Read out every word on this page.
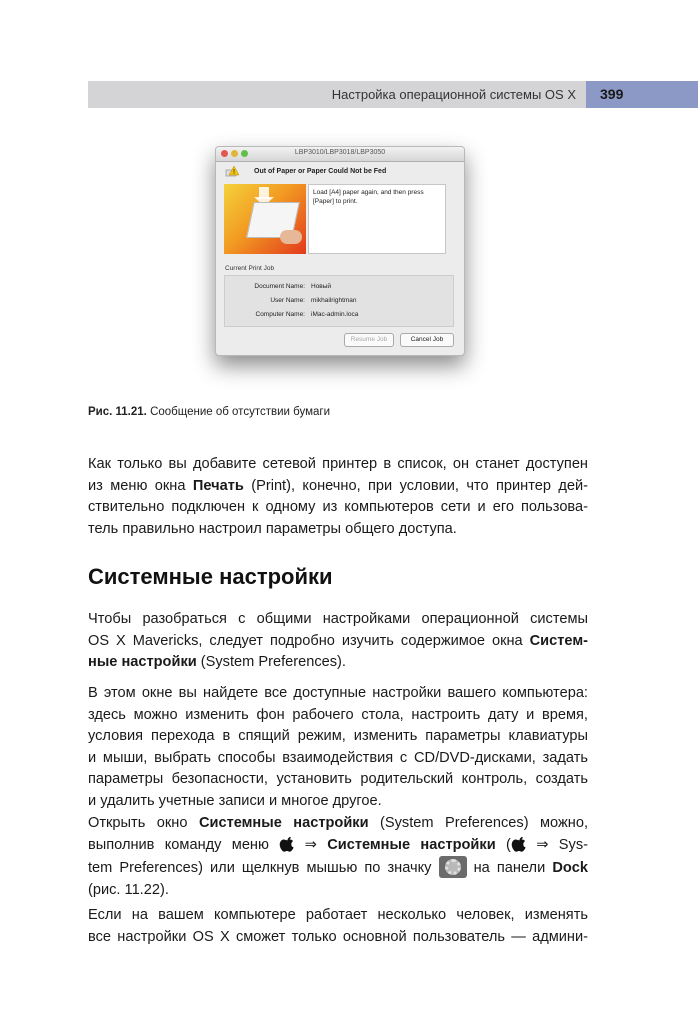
Настройка операционной системы OS X 399
LBP3010/LBP3018/LBP3050
Out of Paper or Paper Could Not be Fed
Load [A4] paper again, and then press
[Paper] to print.
Current Print Job
Document Name: Новый
User Name: mikhailrightman
Computer Name: iMac-admin.loca
Resume Job	Cancel Job
Рис. 11.21. Сообщение об отсутствии бумаги
Как только вы добавите сетевой принтер в список, он станет доступен
из меню окна Печать (Print), конечно, при условии, что принтер дей-
ствительно подключен к одному из компьютеров сети и его пользова-
тель правильно настроил параметры общего доступа.
Системные настройки
Чтобы разобраться с общими настройками операционной системы
OS X Mavericks, следует подробно изучить содержимое окна Систем-
ные настройки (System Preferences).
В этом окне вы найдете все доступные настройки вашего компьютера:
здесь можно изменить фон рабочего стола, настроить дату и время,
условия перехода в спящий режим, изменить параметры клавиатуры
и мыши, выбрать способы взаимодействия с CD/DVD-дисками, задать
параметры безопасности, установить родительский контроль, создать
и удалить учетные записи и многое другое.
Открыть окно Системные настройки (System Preferences) можно,
выполнив команду меню  ⇒ Системные настройки ( ⇒ Sys-
tem Preferences) или щелкнув мышью по значку
на панели Dock
(рис. 11.22).
Если на вашем компьютере работает несколько человек, изменять
все настройки OS X сможет только основной пользователь — админи-
